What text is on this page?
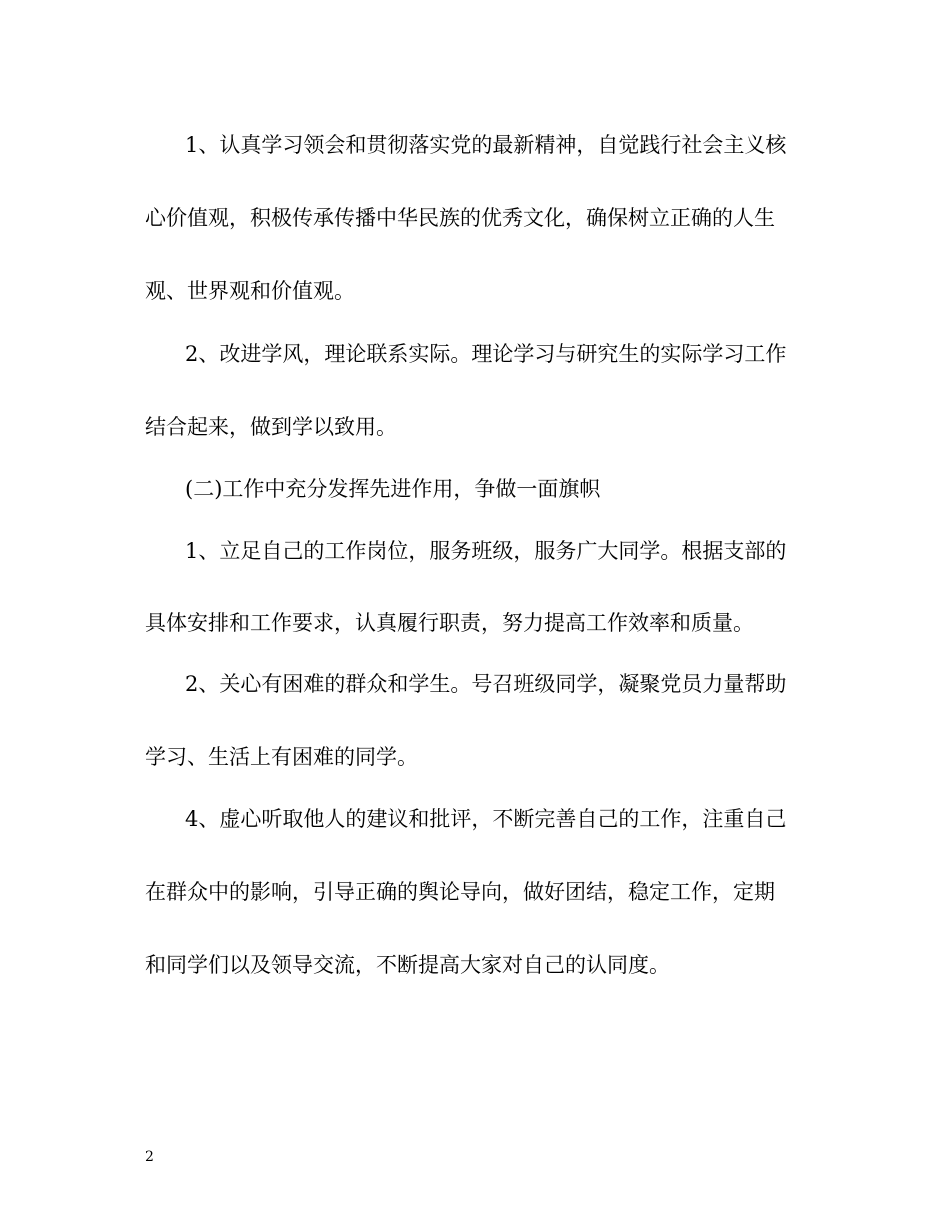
1、认真学习领会和贯彻落实党的最新精神，自觉践行社会主义核

心价值观，积极传承传播中华民族的优秀文化，确保树立正确的人生

观、世界观和价值观。

2、改进学风，理论联系实际。理论学习与研究生的实际学习工作

结合起来，做到学以致用。

(二)工作中充分发挥先进作用，争做一面旗帜

1、立足自己的工作岗位，服务班级，服务广大同学。根据支部的

具体安排和工作要求，认真履行职责，努力提高工作效率和质量。

2、关心有困难的群众和学生。号召班级同学，凝聚党员力量帮助

学习、生活上有困难的同学。

4、虚心听取他人的建议和批评，不断完善自己的工作，注重自己

在群众中的影响，引导正确的舆论导向，做好团结，稳定工作，定期

和同学们以及领导交流，不断提高大家对自己的认同度。

2
